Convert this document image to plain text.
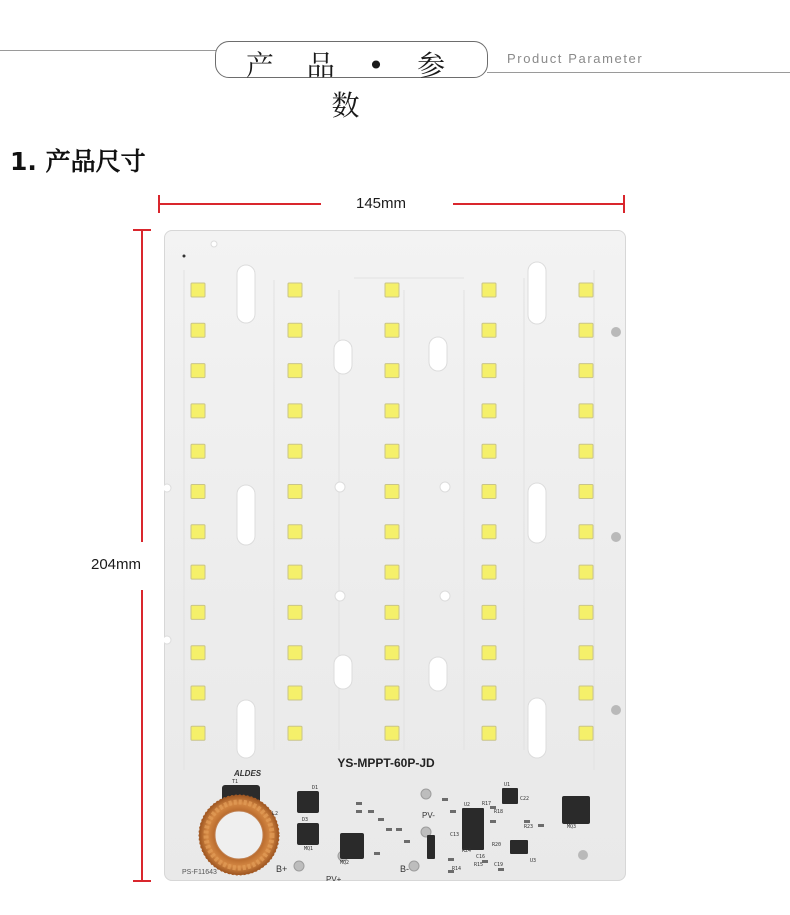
产 品 • 参 数
Product Parameter
1. 产品尺寸
145mm
204mm
YS-MPPT-60P-JD
ALDES
PS-F11643	B+
PV+
B-
PV-
D1
D3
MQ1
MQ2
MQ3
U3
U2
U1
T1
L2
R17
R18
R20
R23
R24
R15
R14
C13
C16
C19
C22
